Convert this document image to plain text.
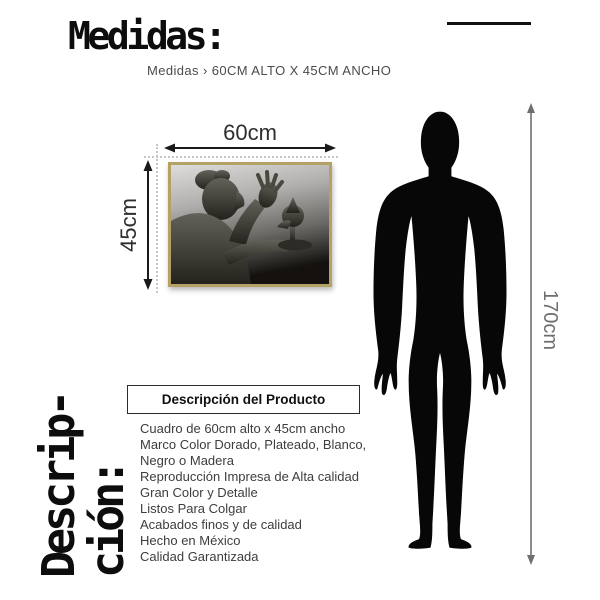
Medidas:
Medidas › 60CM ALTO X 45CM ANCHO
60cm
45cm
170cm
Descrip-
ción:
Descripción del Producto
Cuadro de 60cm alto x 45cm ancho
Marco Color Dorado, Plateado, Blanco, Negro o Madera
Reproducción Impresa de Alta calidad
Gran Color y Detalle
Listos Para Colgar
Acabados finos y de calidad
Hecho en México
Calidad Garantizada
